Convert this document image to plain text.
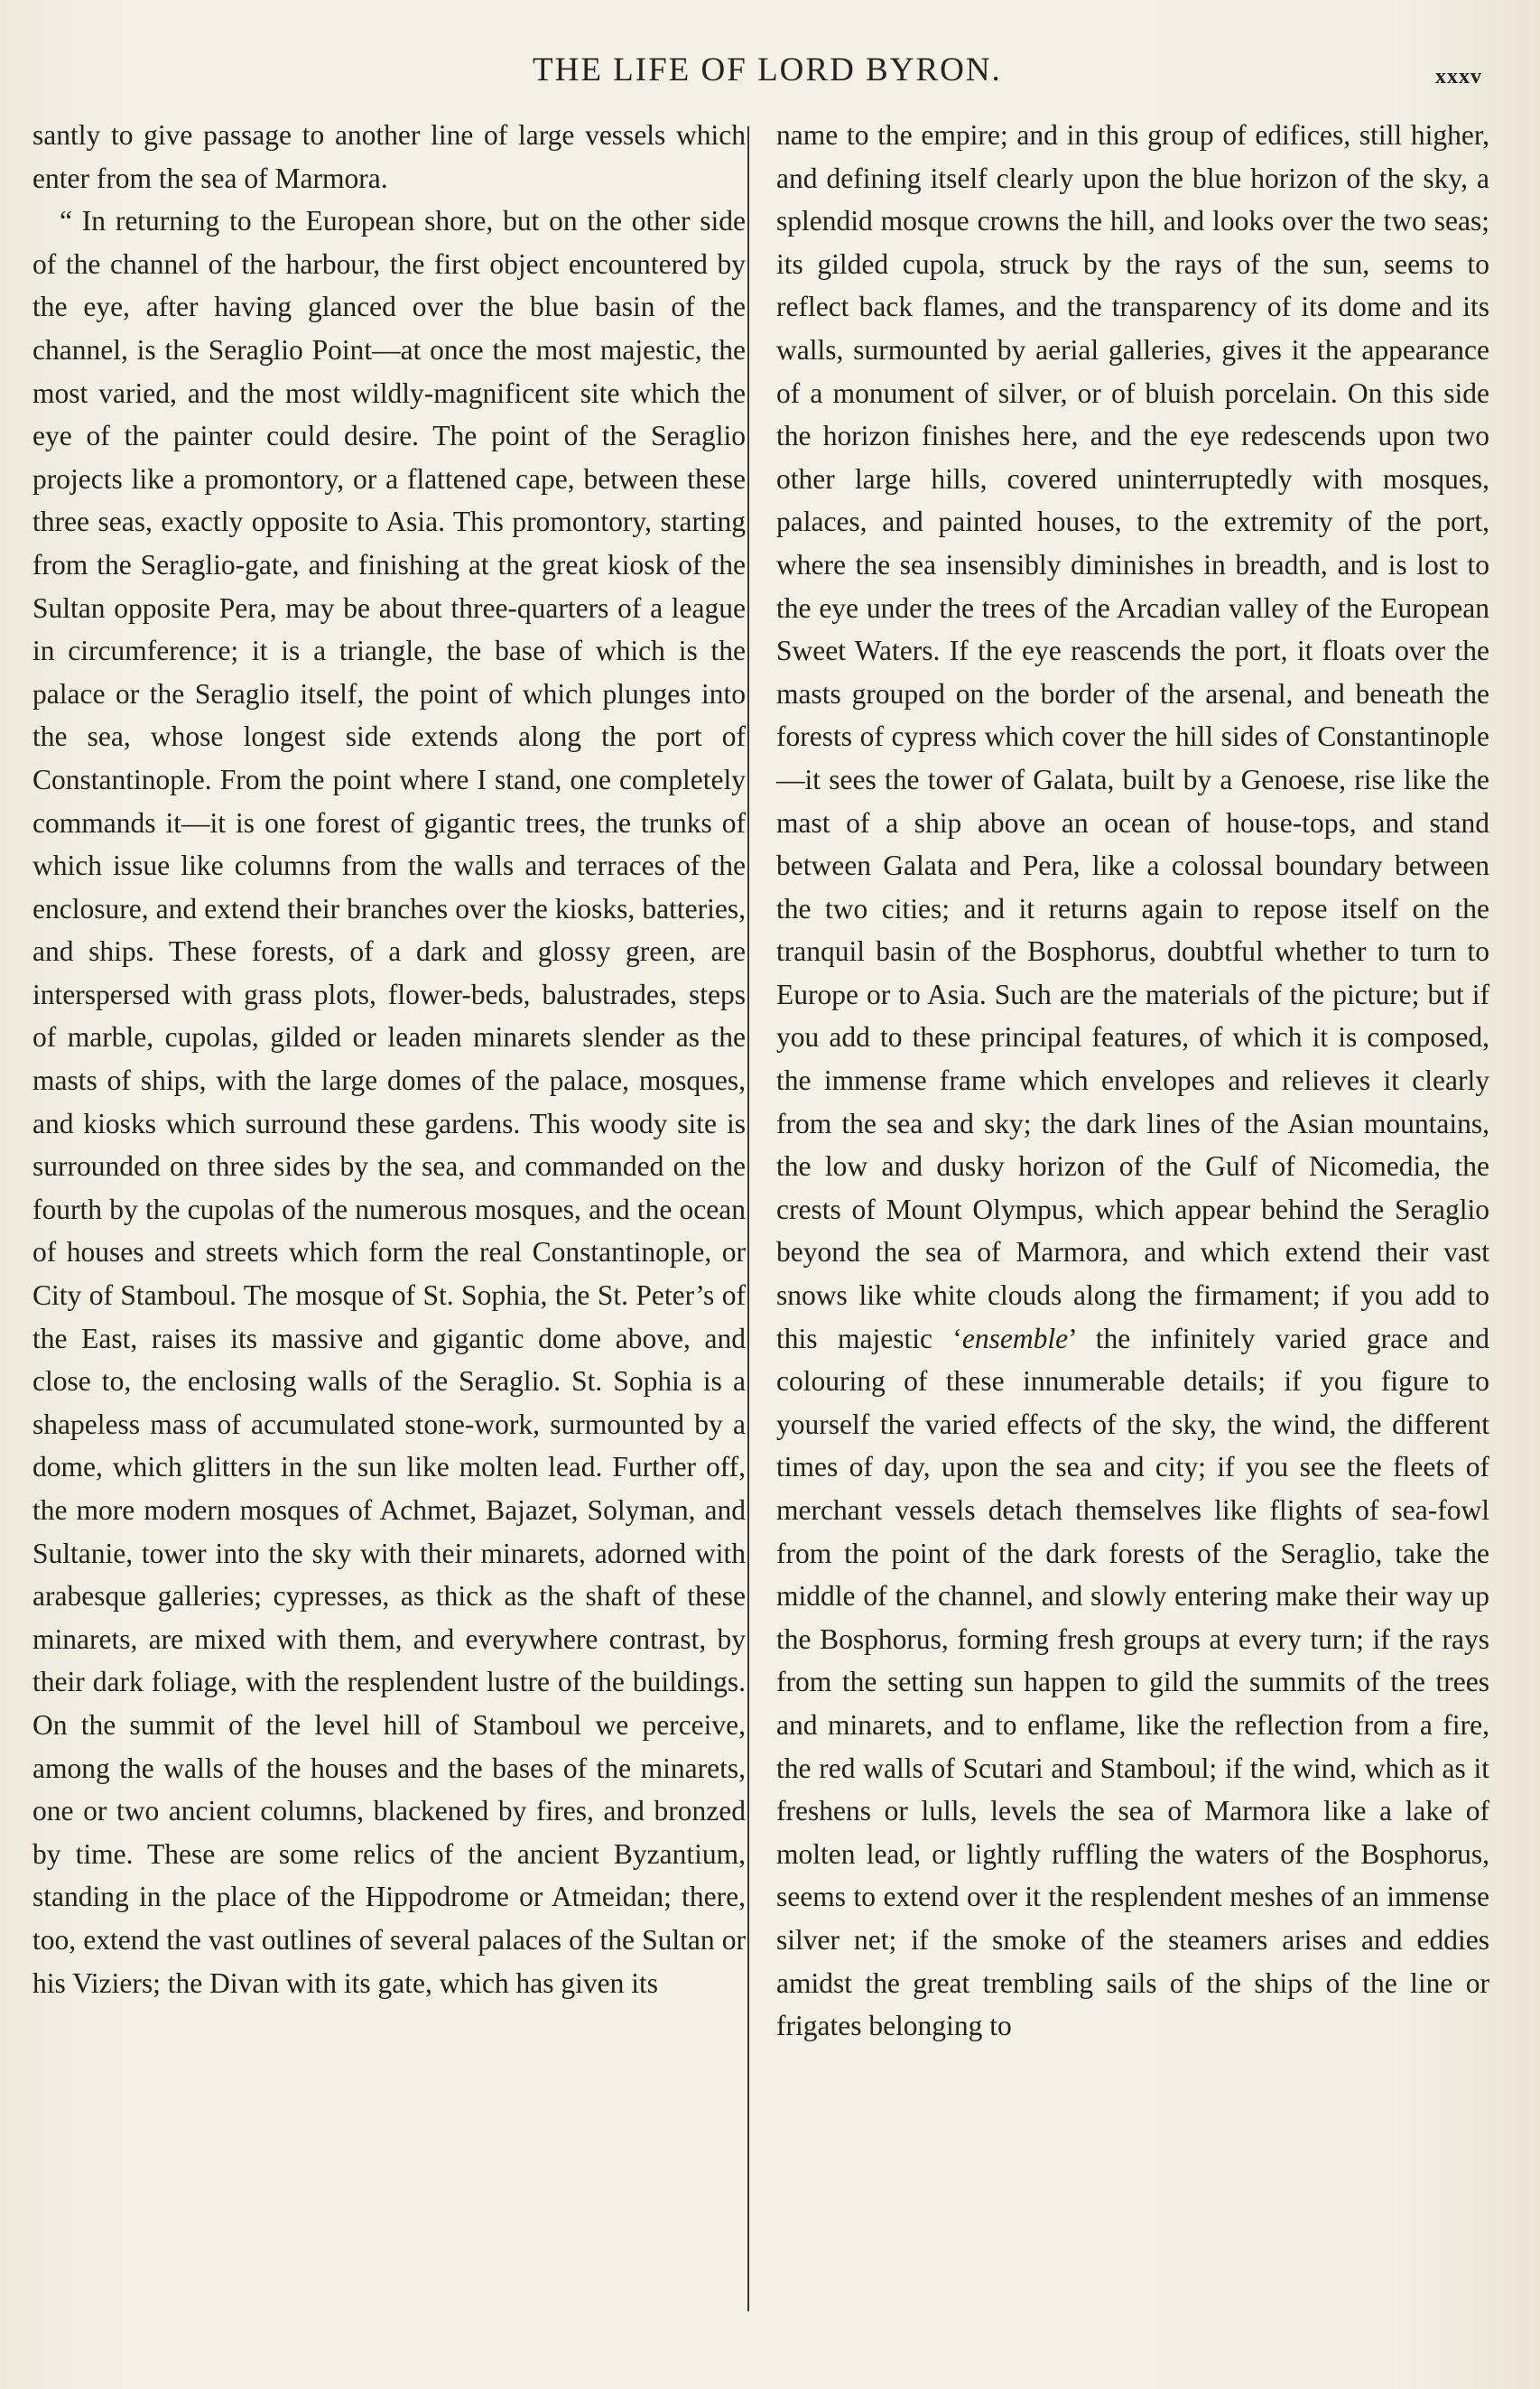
THE LIFE OF LORD BYRON.	xxxv

santly to give passage to another line of large vessels which enter from the sea of Marmora.

“ In returning to the European shore, but on the other side of the channel of the harbour, the first object encountered by the eye, after having glanced over the blue basin of the channel, is the Seraglio Point—at once the most majestic, the most varied, and the most wildly-magnificent site which the eye of the painter could desire. The point of the Seraglio projects like a promontory, or a flattened cape, between these three seas, exactly opposite to Asia. This promontory, starting from the Seraglio-gate, and finishing at the great kiosk of the Sultan opposite Pera, may be about three-quarters of a league in circumference; it is a triangle, the base of which is the palace or the Seraglio itself, the point of which plunges into the sea, whose longest side extends along the port of Constantinople. From the point where I stand, one completely commands it—it is one forest of gigantic trees, the trunks of which issue like columns from the walls and terraces of the enclosure, and extend their branches over the kiosks, batteries, and ships. These forests, of a dark and glossy green, are interspersed with grass plots, flower-beds, balustrades, steps of marble, cupolas, gilded or leaden minarets slender as the masts of ships, with the large domes of the palace, mosques, and kiosks which surround these gardens. This woody site is surrounded on three sides by the sea, and commanded on the fourth by the cupolas of the numerous mosques, and the ocean of houses and streets which form the real Constantinople, or City of Stamboul. The mosque of St. Sophia, the St. Peter’s of the East, raises its massive and gigantic dome above, and close to, the enclosing walls of the Seraglio. St. Sophia is a shapeless mass of accumulated stone-work, surmounted by a dome, which glitters in the sun like molten lead. Further off, the more modern mosques of Achmet, Bajazet, Solyman, and Sultanie, tower into the sky with their minarets, adorned with arabesque galleries; cypresses, as thick as the shaft of these minarets, are mixed with them, and everywhere contrast, by their dark foliage, with the resplendent lustre of the buildings. On the summit of the level hill of Stamboul we perceive, among the walls of the houses and the bases of the minarets, one or two ancient columns, blackened by fires, and bronzed by time. These are some relics of the ancient Byzantium, standing in the place of the Hippodrome or Atmeidan; there, too, extend the vast outlines of several palaces of the Sultan or his Viziers; the Divan with its gate, which has given its

name to the empire; and in this group of edifices, still higher, and defining itself clearly upon the blue horizon of the sky, a splendid mosque crowns the hill, and looks over the two seas; its gilded cupola, struck by the rays of the sun, seems to reflect back flames, and the transparency of its dome and its walls, surmounted by aerial galleries, gives it the appearance of a monument of silver, or of bluish porcelain. On this side the horizon finishes here, and the eye redescends upon two other large hills, covered uninterruptedly with mosques, palaces, and painted houses, to the extremity of the port, where the sea insensibly diminishes in breadth, and is lost to the eye under the trees of the Arcadian valley of the European Sweet Waters. If the eye reascends the port, it floats over the masts grouped on the border of the arsenal, and beneath the forests of cypress which cover the hill sides of Constantinople—it sees the tower of Galata, built by a Genoese, rise like the mast of a ship above an ocean of house-tops, and stand between Galata and Pera, like a colossal boundary between the two cities; and it returns again to repose itself on the tranquil basin of the Bosphorus, doubtful whether to turn to Europe or to Asia. Such are the materials of the picture; but if you add to these principal features, of which it is composed, the immense frame which envelopes and relieves it clearly from the sea and sky; the dark lines of the Asian mountains, the low and dusky horizon of the Gulf of Nicomedia, the crests of Mount Olympus, which appear behind the Seraglio beyond the sea of Marmora, and which extend their vast snows like white clouds along the firmament; if you add to this majestic ‘ensemble’ the infinitely varied grace and colouring of these innumerable details; if you figure to yourself the varied effects of the sky, the wind, the different times of day, upon the sea and city; if you see the fleets of merchant vessels detach themselves like flights of sea-fowl from the point of the dark forests of the Seraglio, take the middle of the channel, and slowly entering make their way up the Bosphorus, forming fresh groups at every turn; if the rays from the setting sun happen to gild the summits of the trees and minarets, and to enflame, like the reflection from a fire, the red walls of Scutari and Stamboul; if the wind, which as it freshens or lulls, levels the sea of Marmora like a lake of molten lead, or lightly ruffling the waters of the Bosphorus, seems to extend over it the resplendent meshes of an immense silver net; if the smoke of the steamers arises and eddies amidst the great trembling sails of the ships of the line or frigates belonging to
